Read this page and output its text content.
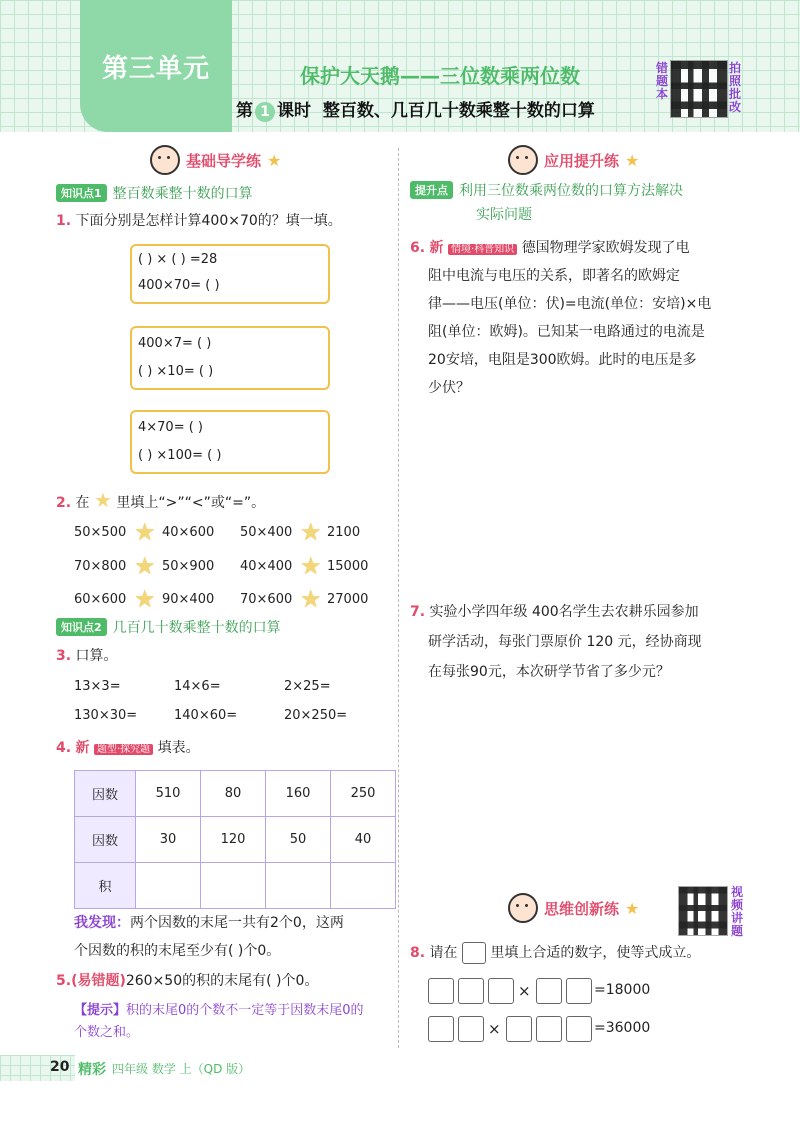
第三单元	保护大天鹅——三位数乘两位数
第 1 课时 整百数、几百几十数乘整十数的口算
错题本
拍照批改
基础导学练 ★
知识点1 整百数乘整十数的口算
1. 下面分别是怎样计算400×70的？填一填。
( ) × ( ) =28
400×70= ( )
400×7= ( )
( ) ×10= ( )
4×70= ( )
( ) ×100= ( )
2. 在 ★ 里填上“>”“<”或“=”。
50×500 ★ 40×600 50×400 ★ 2100
70×800 ★ 50×900 40×400 ★ 15000
60×600 ★ 90×400 70×600 ★ 27000
知识点2 几百几十数乘整十数的口算
3. 口算。
13×3=	14×6=	2×25=
130×30=	140×60=	20×250=
4. 新 题型·探究题 填表。
因数	510	80	160	250
因数	30	120	50	40
积				
我发现：两个因数的末尾一共有2个0，这两
个因数的积的末尾至少有( )个0。
5.(易错题)260×50的积的末尾有( )个0。
【提示】积的末尾0的个数不一定等于因数末尾0的
个数之和。
应用提升练 ★
提升点 利用三位数乘两位数的口算方法解决
实际问题
6. 新 情境·科普知识 德国物理学家欧姆发现了电
阻中电流与电压的关系，即著名的欧姆定
律——电压(单位：伏)=电流(单位：安培)×电
阻(单位：欧姆)。已知某一电路通过的电流是
20安培，电阻是300欧姆。此时的电压是多
少伏？
7. 实验小学四年级 400名学生去农耕乐园参加
研学活动，每张门票原价 120 元，经协商现
在每张90元，本次研学节省了多少元？
思维创新练 ★
视频讲题
8. 请在 里填上合适的数字，使等式成立。
×	=18000
×	=36000
20 精彩 四年级 数学 上（QD 版）
